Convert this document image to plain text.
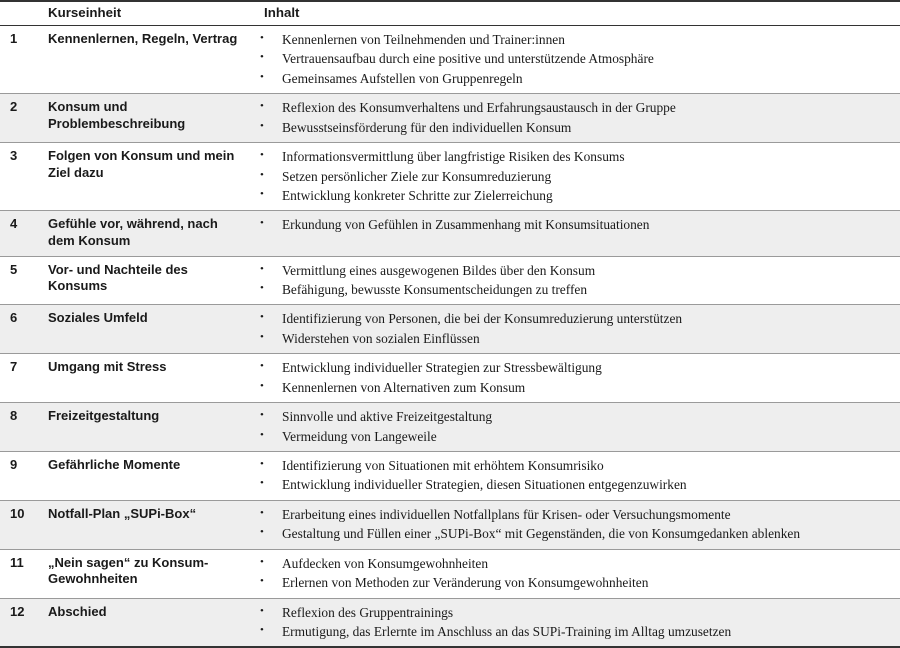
	Kurseinheit	Inhalt
1	Kennenlernen, Regeln, Vertrag	•	Kennenlernen von Teilnehmenden und Trainer:innen
•	Vertrauensaufbau durch eine positive und unterstützende Atmosphäre
•	Gemeinsames Aufstellen von Gruppenregeln

2	Konsum und Problembeschreibung	
•	Reflexion des Konsumverhaltens und Erfahrungsaustausch in der Gruppe
•	Bewusstseinsförderung für den individuellen Konsum

3	Folgen von Konsum und mein Ziel dazu	
•	Informationsvermittlung über langfristige Risiken des Konsums
•	Setzen persönlicher Ziele zur Konsumreduzierung
•	Entwicklung konkreter Schritte zur Zielerreichung

4	Gefühle vor, während, nach dem Konsum	
•	Erkundung von Gefühlen in Zusammenhang mit Konsumsituationen

5	Vor- und Nachteile des Konsums	
•	Vermittlung eines ausgewogenen Bildes über den Konsum
•	Befähigung, bewusste Konsumentscheidungen zu treffen

6	Soziales Umfeld	•	Identifizierung von Personen, die bei der Konsumreduzierung unterstützen
•	Widerstehen von sozialen Einflüssen

7	Umgang mit Stress	•	Entwicklung individueller Strategien zur Stressbewältigung
•	Kennenlernen von Alternativen zum Konsum

8	Freizeitgestaltung	•	Sinnvolle und aktive Freizeitgestaltung
•	Vermeidung von Langeweile

9	Gefährliche Momente	•	Identifizierung von Situationen mit erhöhtem Konsumrisiko
•	Entwicklung individueller Strategien, diesen Situationen entgegenzuwirken

10	Notfall-Plan „SUPi-Box“	•	Erarbeitung eines individuellen Notfallplans für Krisen- oder Versuchungsmomente
•	Gestaltung und Füllen einer „SUPi-Box“ mit Gegenständen, die von Konsumgedanken ablenken

11	„Nein sagen“ zu Konsum-Gewohnheiten	
•	Aufdecken von Konsumgewohnheiten
•	Erlernen von Methoden zur Veränderung von Konsumgewohnheiten

12	Abschied	•	Reflexion des Gruppentrainings
•	Ermutigung, das Erlernte im Anschluss an das SUPi-Training im Alltag umzusetzen
